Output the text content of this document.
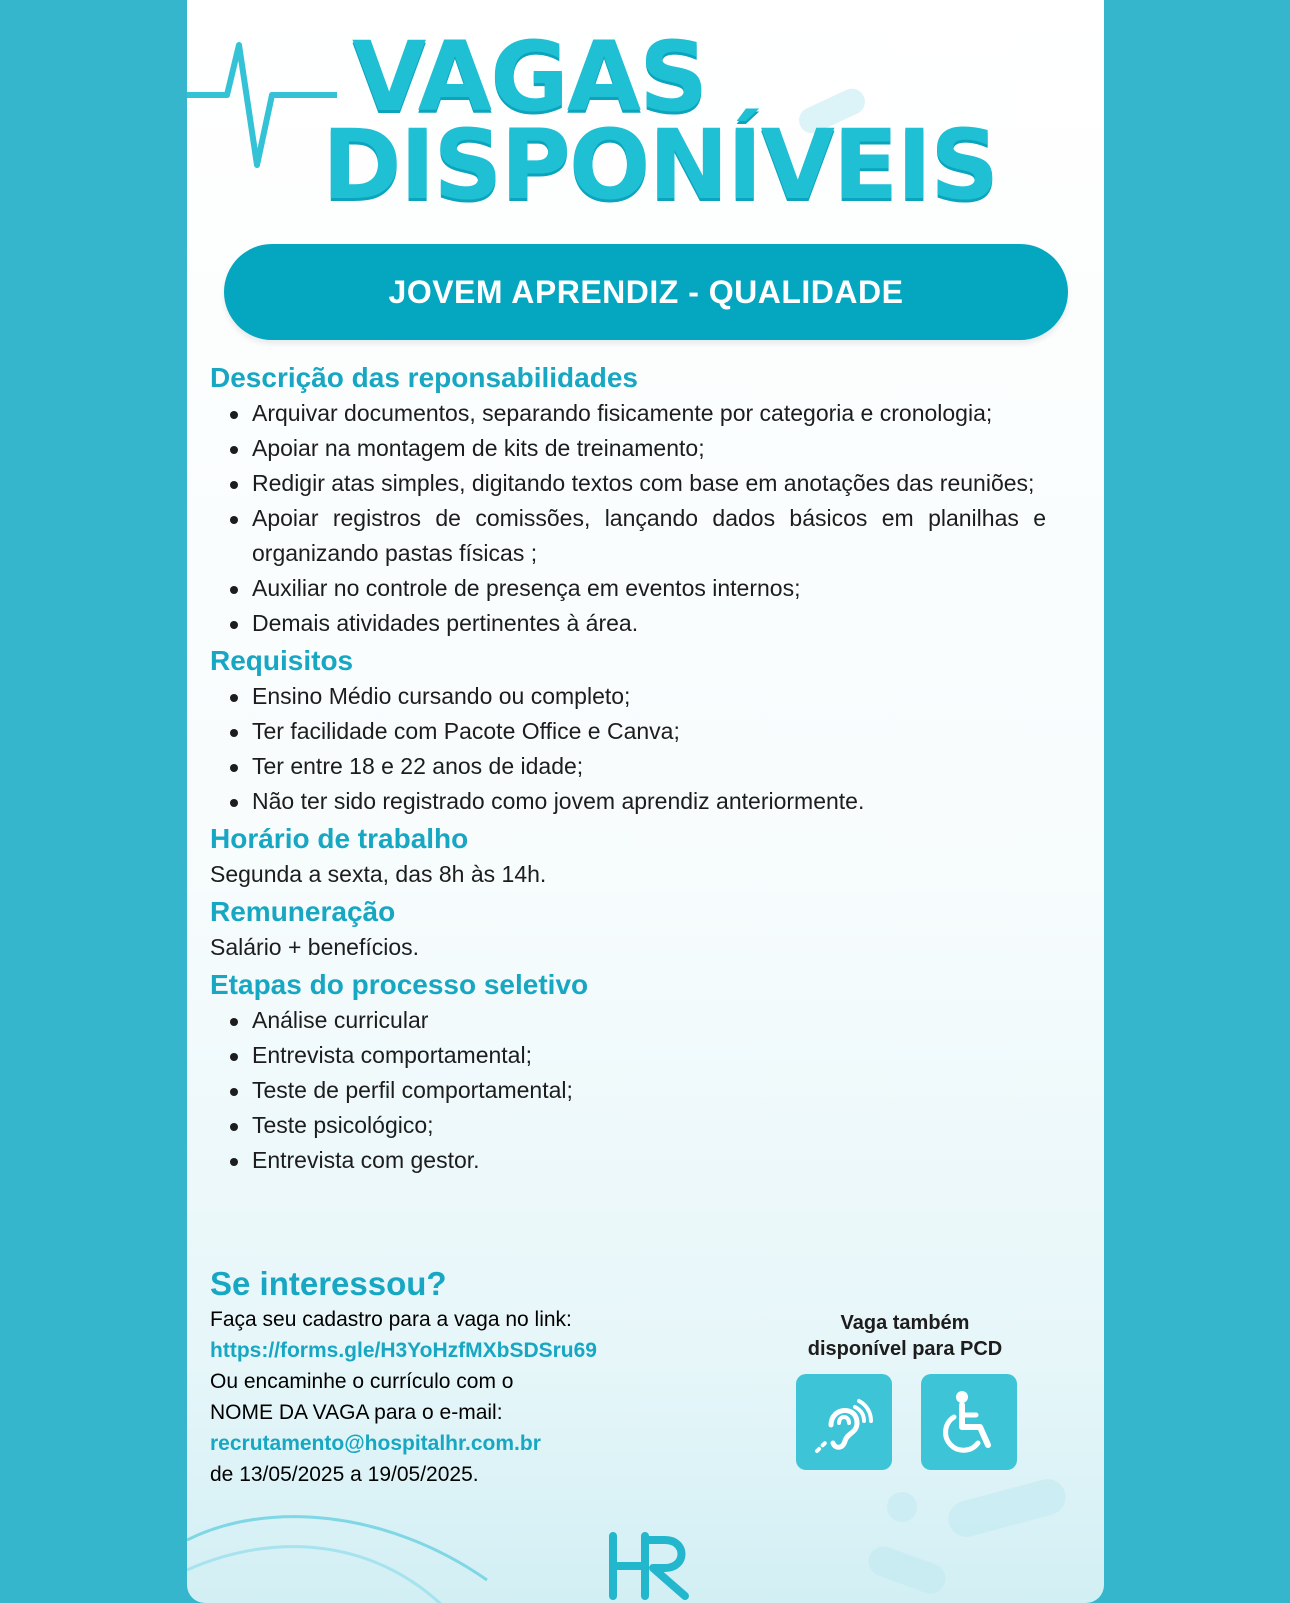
VAGAS
DISPONÍVEIS
JOVEM APRENDIZ - QUALIDADE

Descrição das reponsabilidades

Arquivar documentos, separando fisicamente por categoria e cronologia;
Apoiar na montagem de kits de treinamento;
Redigir atas simples, digitando textos com base em anotações das reuniões;
Apoiar registros de comissões, lançando dados básicos em planilhas e organizando pastas físicas ;
Auxiliar no controle de presença em eventos internos;
Demais atividades pertinentes à área.

Requisitos

Ensino Médio cursando ou completo;
Ter facilidade com Pacote Office e Canva;
Ter entre 18 e 22 anos de idade;
Não ter sido registrado como jovem aprendiz anteriormente.

Horário de trabalho

Segunda a sexta, das 8h às 14h.

Remuneração

Salário + benefícios.

Etapas do processo seletivo

Análise curricular
Entrevista comportamental;
Teste de perfil comportamental;
Teste psicológico;
Entrevista com gestor.

Se interessou?

Faça seu cadastro para a vaga no link:

https://forms.gle/H3YoHzfMXbSDSru69

Ou encaminhe o currículo com o

NOME DA VAGA para o e-mail:

recrutamento@hospitalhr.com.br

de 13/05/2025 a 19/05/2025.

Vaga também
disponível para PCD
